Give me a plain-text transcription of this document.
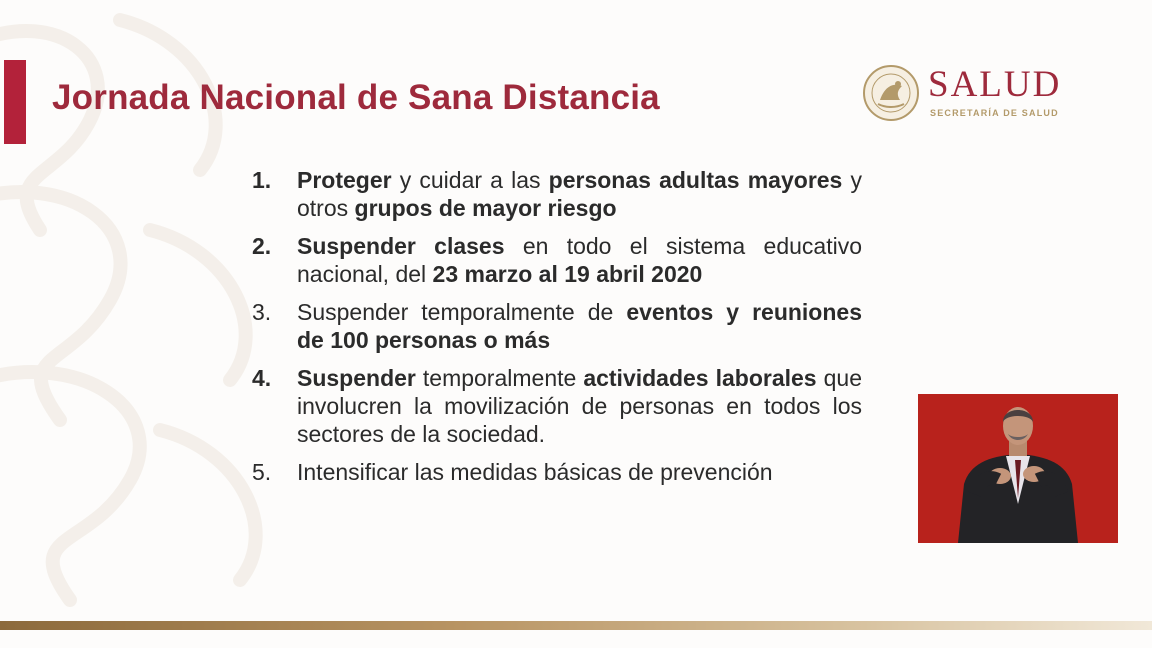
Jornada Nacional de Sana Distancia	SALUD
SECRETARÍA DE SALUD
1. Proteger y cuidar a las personas adultas mayores y otros grupos de mayor riesgo
2. Suspender clases en todo el sistema educativo nacional, del 23 marzo al 19 abril 2020
3. Suspender temporalmente de eventos y reuniones de 100 personas o más
4. Suspender temporalmente actividades laborales que involucren la movilización de personas en todos los sectores de la sociedad.
5. Intensificar las medidas básicas de prevención
